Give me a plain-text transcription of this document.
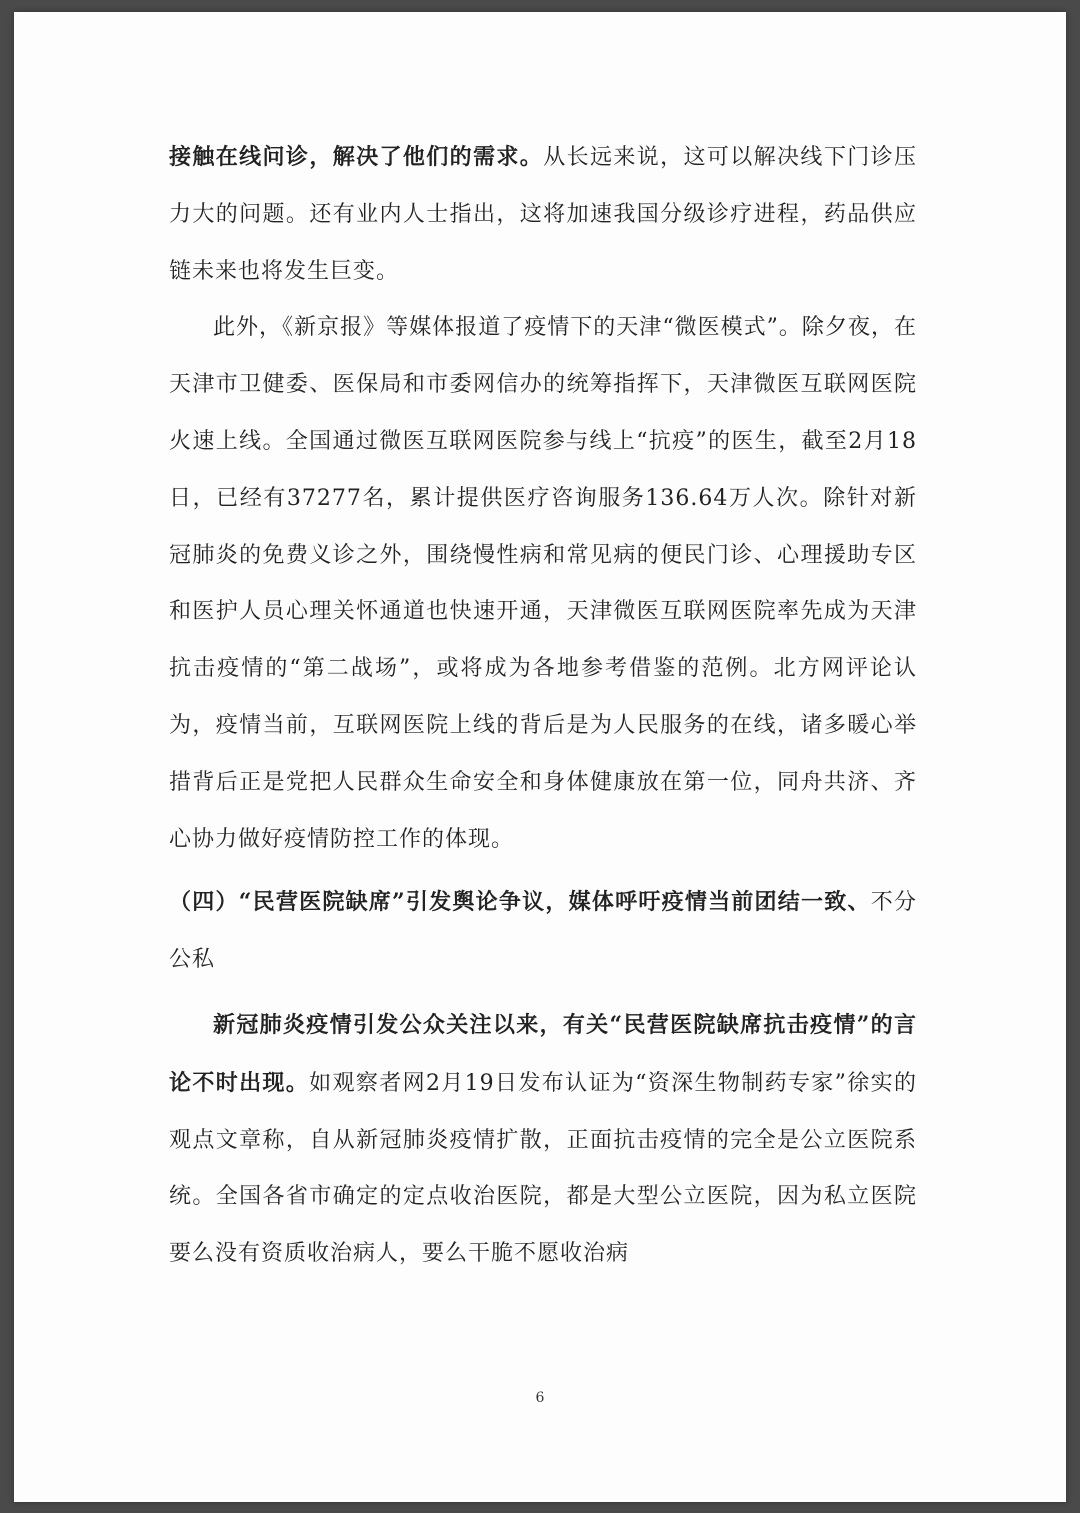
接触在线问诊，解决了他们的需求。从长远来说，这可以解决线下门诊压力大的问题。还有业内人士指出，这将加速我国分级诊疗进程，药品供应链未来也将发生巨变。

此外，《新京报》等媒体报道了疫情下的天津“微医模式”。除夕夜，在天津市卫健委、医保局和市委网信办的统筹指挥下，天津微医互联网医院火速上线。全国通过微医互联网医院参与线上“抗疫”的医生，截至2月18日，已经有37277名，累计提供医疗咨询服务136.64万人次。除针对新冠肺炎的免费义诊之外，围绕慢性病和常见病的便民门诊、心理援助专区和医护人员心理关怀通道也快速开通，天津微医互联网医院率先成为天津抗击疫情的“第二战场”，或将成为各地参考借鉴的范例。北方网评论认为，疫情当前，互联网医院上线的背后是为人民服务的在线，诸多暖心举措背后正是党把人民群众生命安全和身体健康放在第一位，同舟共济、齐心协力做好疫情防控工作的体现。

（四）“民营医院缺席”引发舆论争议，媒体呼吁疫情当前团结一致、不分公私

新冠肺炎疫情引发公众关注以来，有关“民营医院缺席抗击疫情”的言论不时出现。如观察者网2月19日发布认证为“资深生物制药专家”徐实的观点文章称，自从新冠肺炎疫情扩散，正面抗击疫情的完全是公立医院系统。全国各省市确定的定点收治医院，都是大型公立医院，因为私立医院要么没有资质收治病人，要么干脆不愿收治病

6
